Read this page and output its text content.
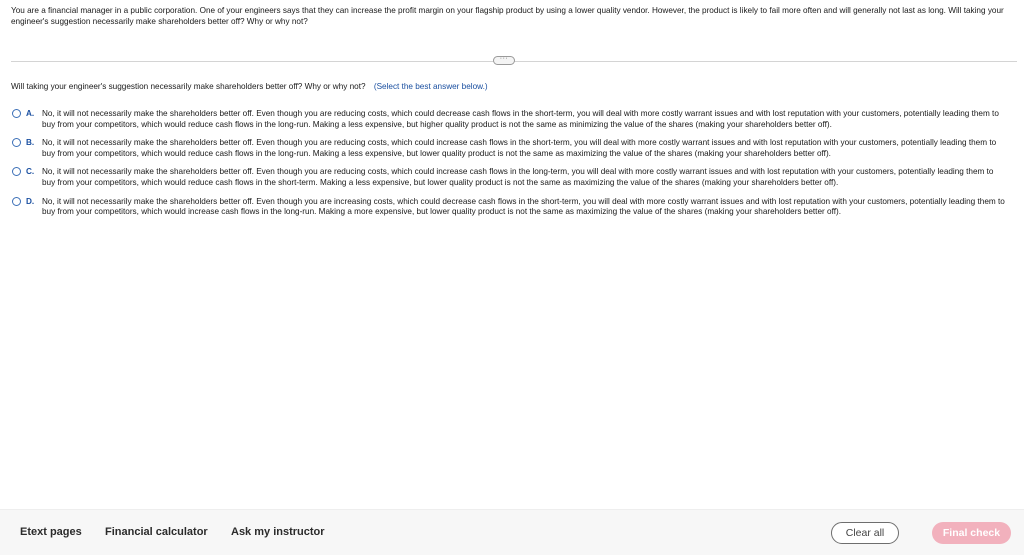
You are a financial manager in a public corporation. One of your engineers says that they can increase the profit margin on your flagship product by using a lower quality vendor. However, the product is likely to fail more often and will generally not last as long. Will taking your engineer's suggestion necessarily make shareholders better off? Why or why not?
···
Will taking your engineer's suggestion necessarily make shareholders better off? Why or why not? (Select the best answer below.)
A. No, it will not necessarily make the shareholders better off. Even though you are reducing costs, which could decrease cash flows in the short-term, you will deal with more costly warrant issues and with lost reputation with your customers, potentially leading them to buy from your competitors, which would reduce cash flows in the long-run. Making a less expensive, but higher quality product is not the same as minimizing the value of the shares (making your shareholders better off).
B. No, it will not necessarily make the shareholders better off. Even though you are reducing costs, which could increase cash flows in the short-term, you will deal with more costly warrant issues and with lost reputation with your customers, potentially leading them to buy from your competitors, which would reduce cash flows in the long-run. Making a less expensive, but lower quality product is not the same as maximizing the value of the shares (making your shareholders better off).
C. No, it will not necessarily make the shareholders better off. Even though you are reducing costs, which could increase cash flows in the long-term, you will deal with more costly warrant issues and with lost reputation with your customers, potentially leading them to buy from your competitors, which would reduce cash flows in the short-term. Making a less expensive, but lower quality product is not the same as maximizing the value of the shares (making your shareholders better off).
D. No, it will not necessarily make the shareholders better off. Even though you are increasing costs, which could decrease cash flows in the short-term, you will deal with more costly warrant issues and with lost reputation with your customers, potentially leading them to buy from your competitors, which would increase cash flows in the long-run. Making a more expensive, but lower quality product is not the same as maximizing the value of the shares (making your shareholders better off).
Etext pages Financial calculator Ask my instructor	Clear all	Final check
